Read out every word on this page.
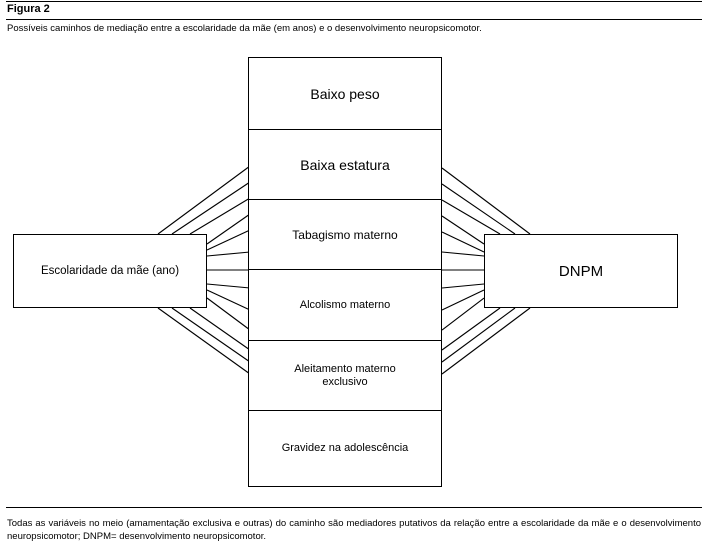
Figura 2
Possíveis caminhos de mediação entre a escolaridade da mãe (em anos) e o desenvolvimento neuropsicomotor.
Escolaridade da mãe (ano)	DNPM
Baixo peso
Baixa estatura
Tabagismo materno
Alcolismo materno
Aleitamento materno exclusivo
Gravidez na adolescência
Todas as variáveis no meio (amamentação exclusiva e outras) do caminho são mediadores putativos da relação entre a escolaridade da mãe e o desenvolvimento neuropsicomotor; DNPM= desenvolvimento neuropsicomotor.
